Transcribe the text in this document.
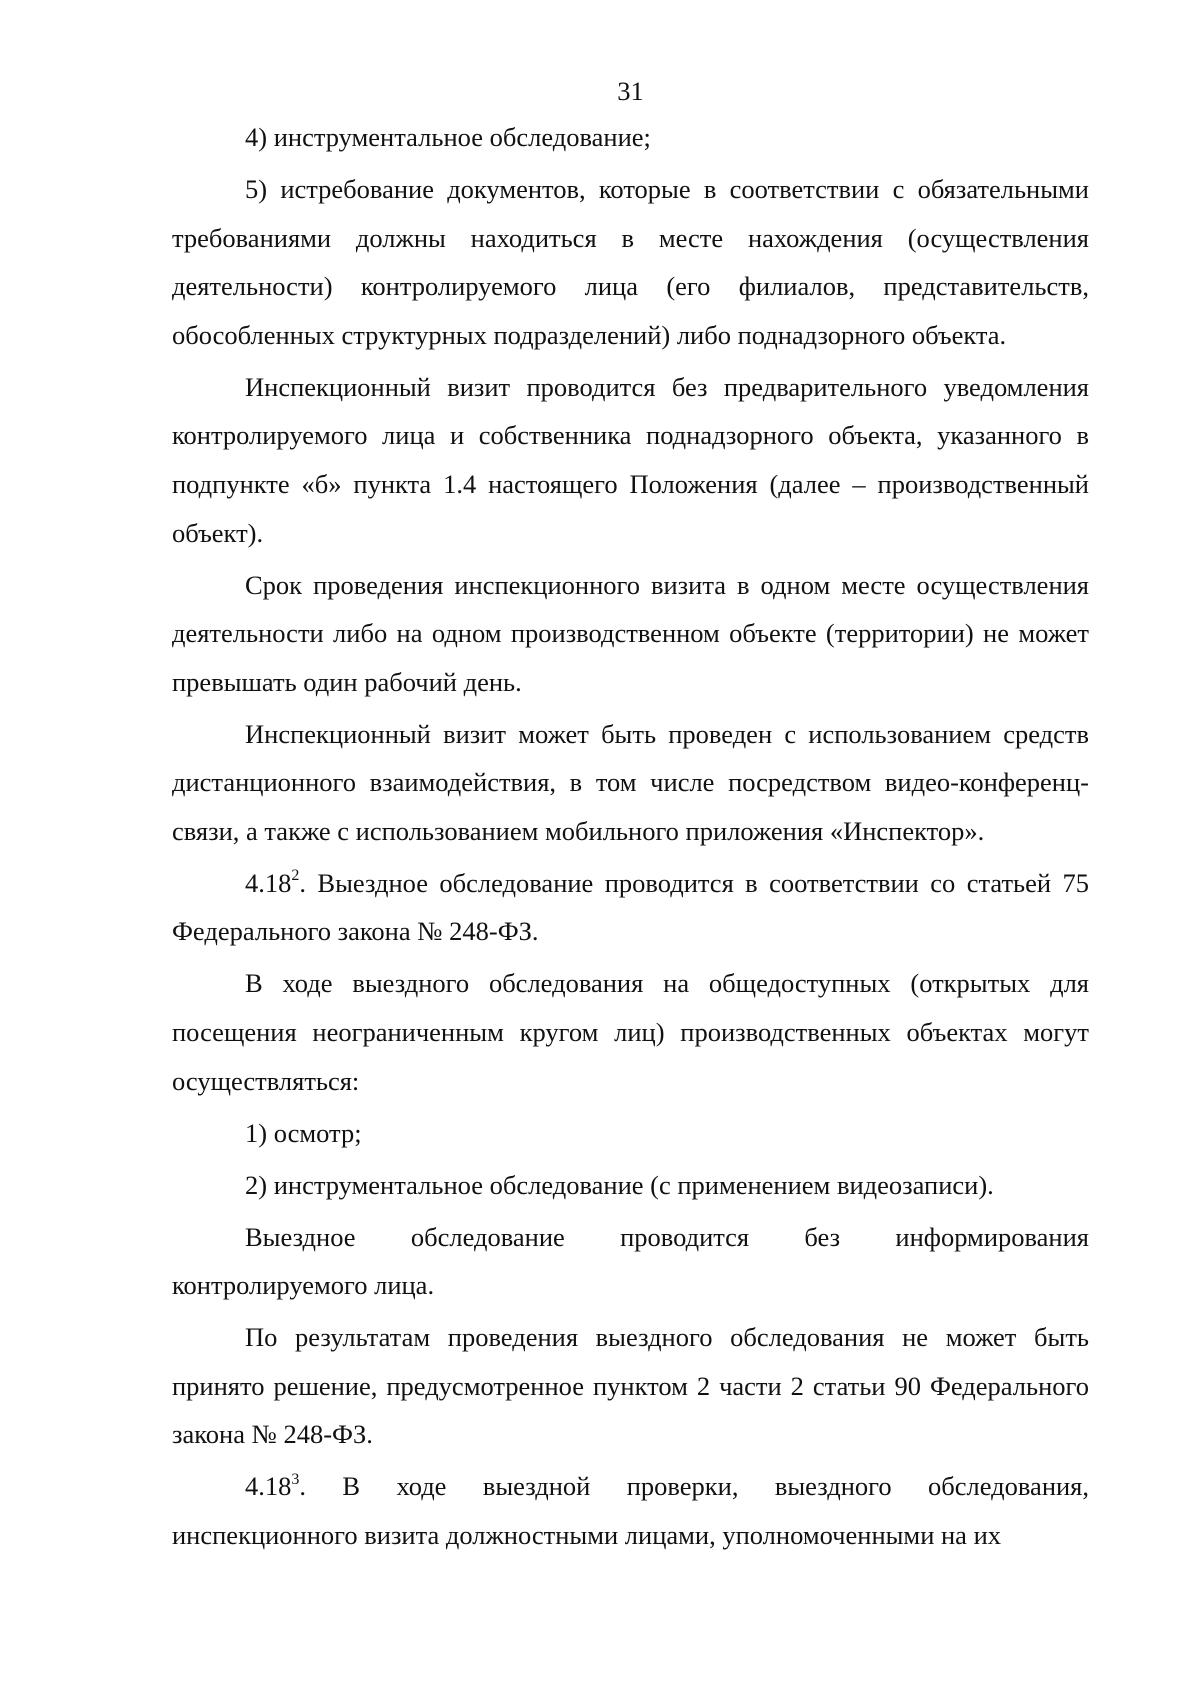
31

4) инструментальное обследование;

5) истребование документов, которые в соответствии с обязательными требованиями должны находиться в месте нахождения (осуществления деятельности) контролируемого лица (его филиалов, представительств, обособленных структурных подразделений) либо поднадзорного объекта.

Инспекционный визит проводится без предварительного уведомления контролируемого лица и собственника поднадзорного объекта, указанного в подпункте «б» пункта 1.4 настоящего Положения (далее – производственный объект).

Срок проведения инспекционного визита в одном месте осуществления деятельности либо на одном производственном объекте (территории) не может превышать один рабочий день.

Инспекционный визит может быть проведен с использованием средств дистанционного взаимодействия, в том числе посредством видео-конференц-связи, а также с использованием мобильного приложения «Инспектор».

4.18$^2$. Выездное обследование проводится в соответствии со статьей 75 Федерального закона № 248-ФЗ.

В ходе выездного обследования на общедоступных (открытых для посещения неограниченным кругом лиц) производственных объектах могут осуществляться:

1) осмотр;

2) инструментальное обследование (с применением видеозаписи).

Выездное обследование проводится без информирования контролируемого лица.

По результатам проведения выездного обследования не может быть принято решение, предусмотренное пунктом 2 части 2 статьи 90 Федерального закона № 248-ФЗ.

4.18$^3$. В ходе выездной проверки, выездного обследования, инспекционного визита должностными лицами, уполномоченными на их
